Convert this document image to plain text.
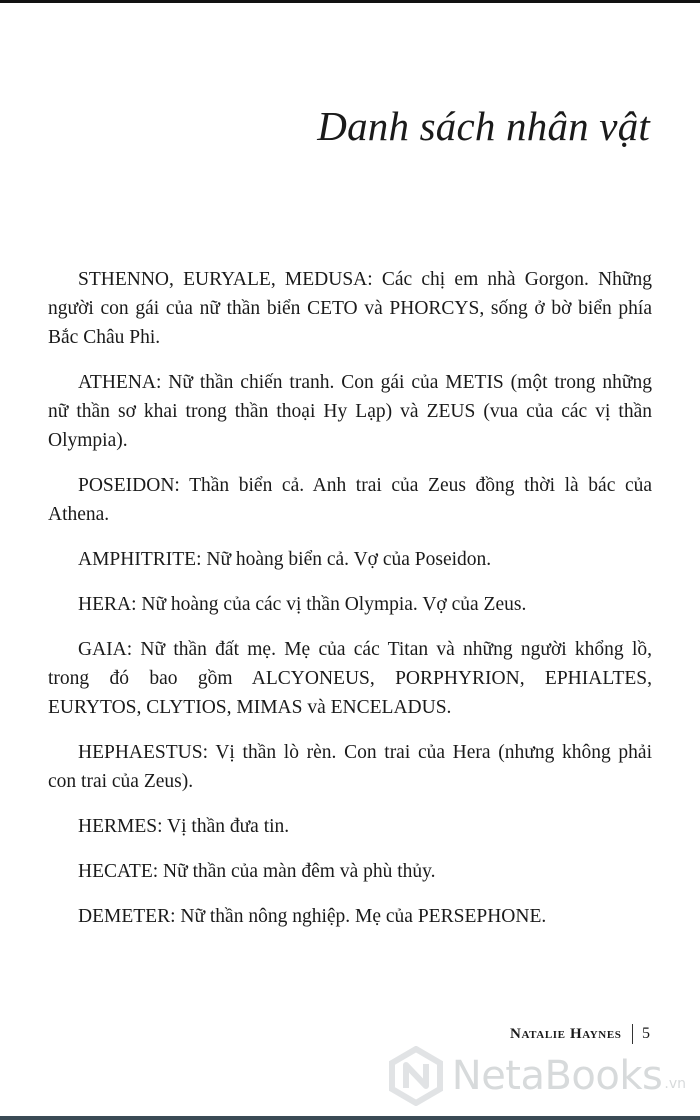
Danh sách nhân vật

STHENNO, EURYALE, MEDUSA: Các chị em nhà Gorgon. Những người con gái của nữ thần biển CETO và PHORCYS, sống ở bờ biển phía Bắc Châu Phi.

ATHENA: Nữ thần chiến tranh. Con gái của METIS (một trong những nữ thần sơ khai trong thần thoại Hy Lạp) và ZEUS (vua của các vị thần Olympia).

POSEIDON: Thần biển cả. Anh trai của Zeus đồng thời là bác của Athena.

AMPHITRITE: Nữ hoàng biển cả. Vợ của Poseidon.

HERA: Nữ hoàng của các vị thần Olympia. Vợ của Zeus.

GAIA: Nữ thần đất mẹ. Mẹ của các Titan và những người khổng lồ, trong đó bao gồm ALCYONEUS, PORPHYRION, EPHIALTES, EURYTOS, CLYTIOS, MIMAS và ENCELADUS.

HEPHAESTUS: Vị thần lò rèn. Con trai của Hera (nhưng không phải con trai của Zeus).

HERMES: Vị thần đưa tin.

HECATE: Nữ thần của màn đêm và phù thủy.

DEMETER: Nữ thần nông nghiệp. Mẹ của PERSEPHONE.

Natalie Haynes 5
NetaBooks .vn
